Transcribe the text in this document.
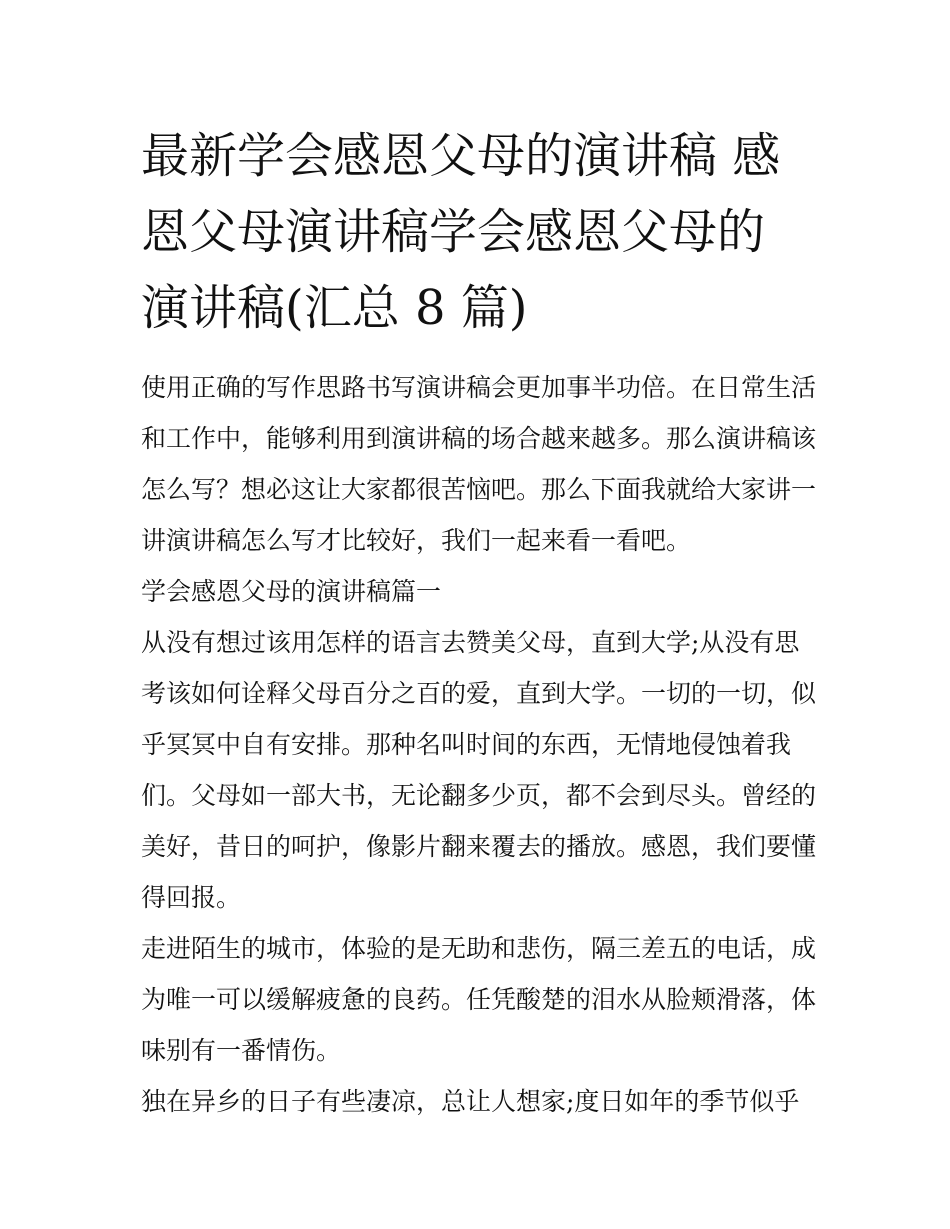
最新学会感恩父母的演讲稿 感
恩父母演讲稿学会感恩父母的
演讲稿(汇总 8 篇)
使用正确的写作思路书写演讲稿会更加事半功倍。在日常生活
和工作中，能够利用到演讲稿的场合越来越多。那么演讲稿该
怎么写？想必这让大家都很苦恼吧。那么下面我就给大家讲一
讲演讲稿怎么写才比较好，我们一起来看一看吧。
学会感恩父母的演讲稿篇一
从没有想过该用怎样的语言去赞美父母，直到大学;从没有思
考该如何诠释父母百分之百的爱，直到大学。一切的一切，似
乎冥冥中自有安排。那种名叫时间的东西，无情地侵蚀着我
们。父母如一部大书，无论翻多少页，都不会到尽头。曾经的
美好，昔日的呵护，像影片翻来覆去的播放。感恩，我们要懂
得回报。
走进陌生的城市，体验的是无助和悲伤，隔三差五的电话，成
为唯一可以缓解疲惫的良药。任凭酸楚的泪水从脸颊滑落，体
味别有一番情伤。
独在异乡的日子有些凄凉，总让人想家;度日如年的季节似乎
